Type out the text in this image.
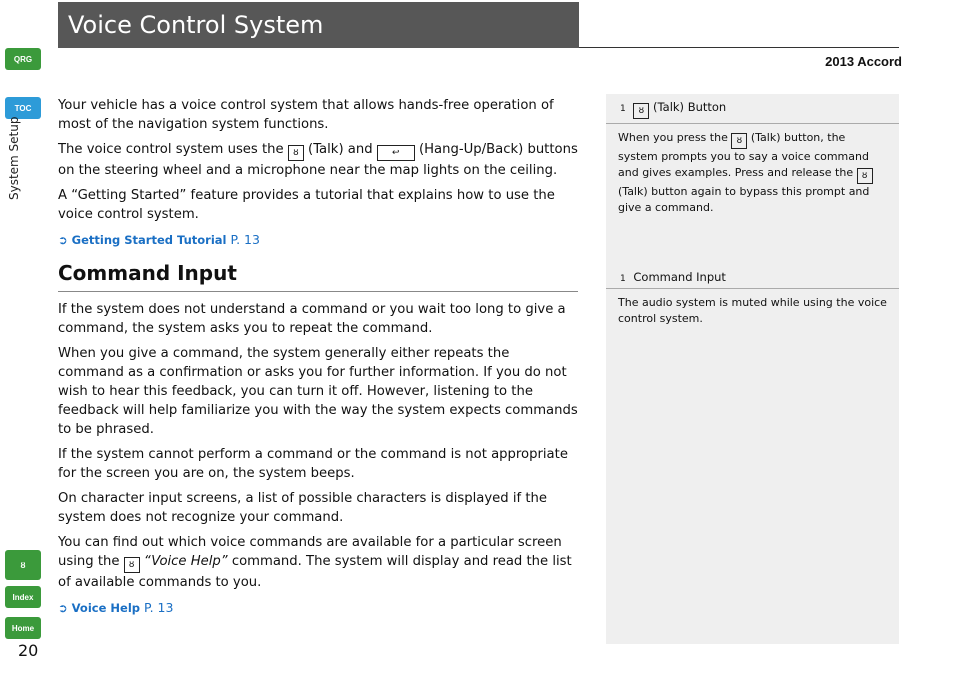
Voice Control System
2013 Accord
QRG
TOC
System Setup
ȣ
Index
Home
20

Your vehicle has a voice control system that allows hands-free operation of most of the navigation system functions.

The voice control system uses the ȣ (Talk) and ↩ (Hang-Up/Back) buttons on the steering wheel and a microphone near the map lights on the ceiling.

A “Getting Started” feature provides a tutorial that explains how to use the voice control system.

➲ Getting Started Tutorial P. 13

Command Input

If the system does not understand a command or you wait too long to give a command, the system asks you to repeat the command.

When you give a command, the system generally either repeats the command as a confirmation or asks you for further information. If you do not wish to hear this feedback, you can turn it off. However, listening to the feedback will help familiarize you with the way the system expects commands to be phrased.

If the system cannot perform a command or the command is not appropriate for the screen you are on, the system beeps.

On character input screens, a list of possible characters is displayed if the system does not recognize your command.

You can find out which voice commands are available for a particular screen using the ȣ “Voice Help” command. The system will display and read the list of available commands to you.

➲ Voice Help P. 13

1 ȣ (Talk) Button
When you press the ȣ (Talk) button, the system prompts you to say a voice command and gives examples. Press and release the ȣ (Talk) button again to bypass this prompt and give a command.
1 Command Input
The audio system is muted while using the voice control system.
